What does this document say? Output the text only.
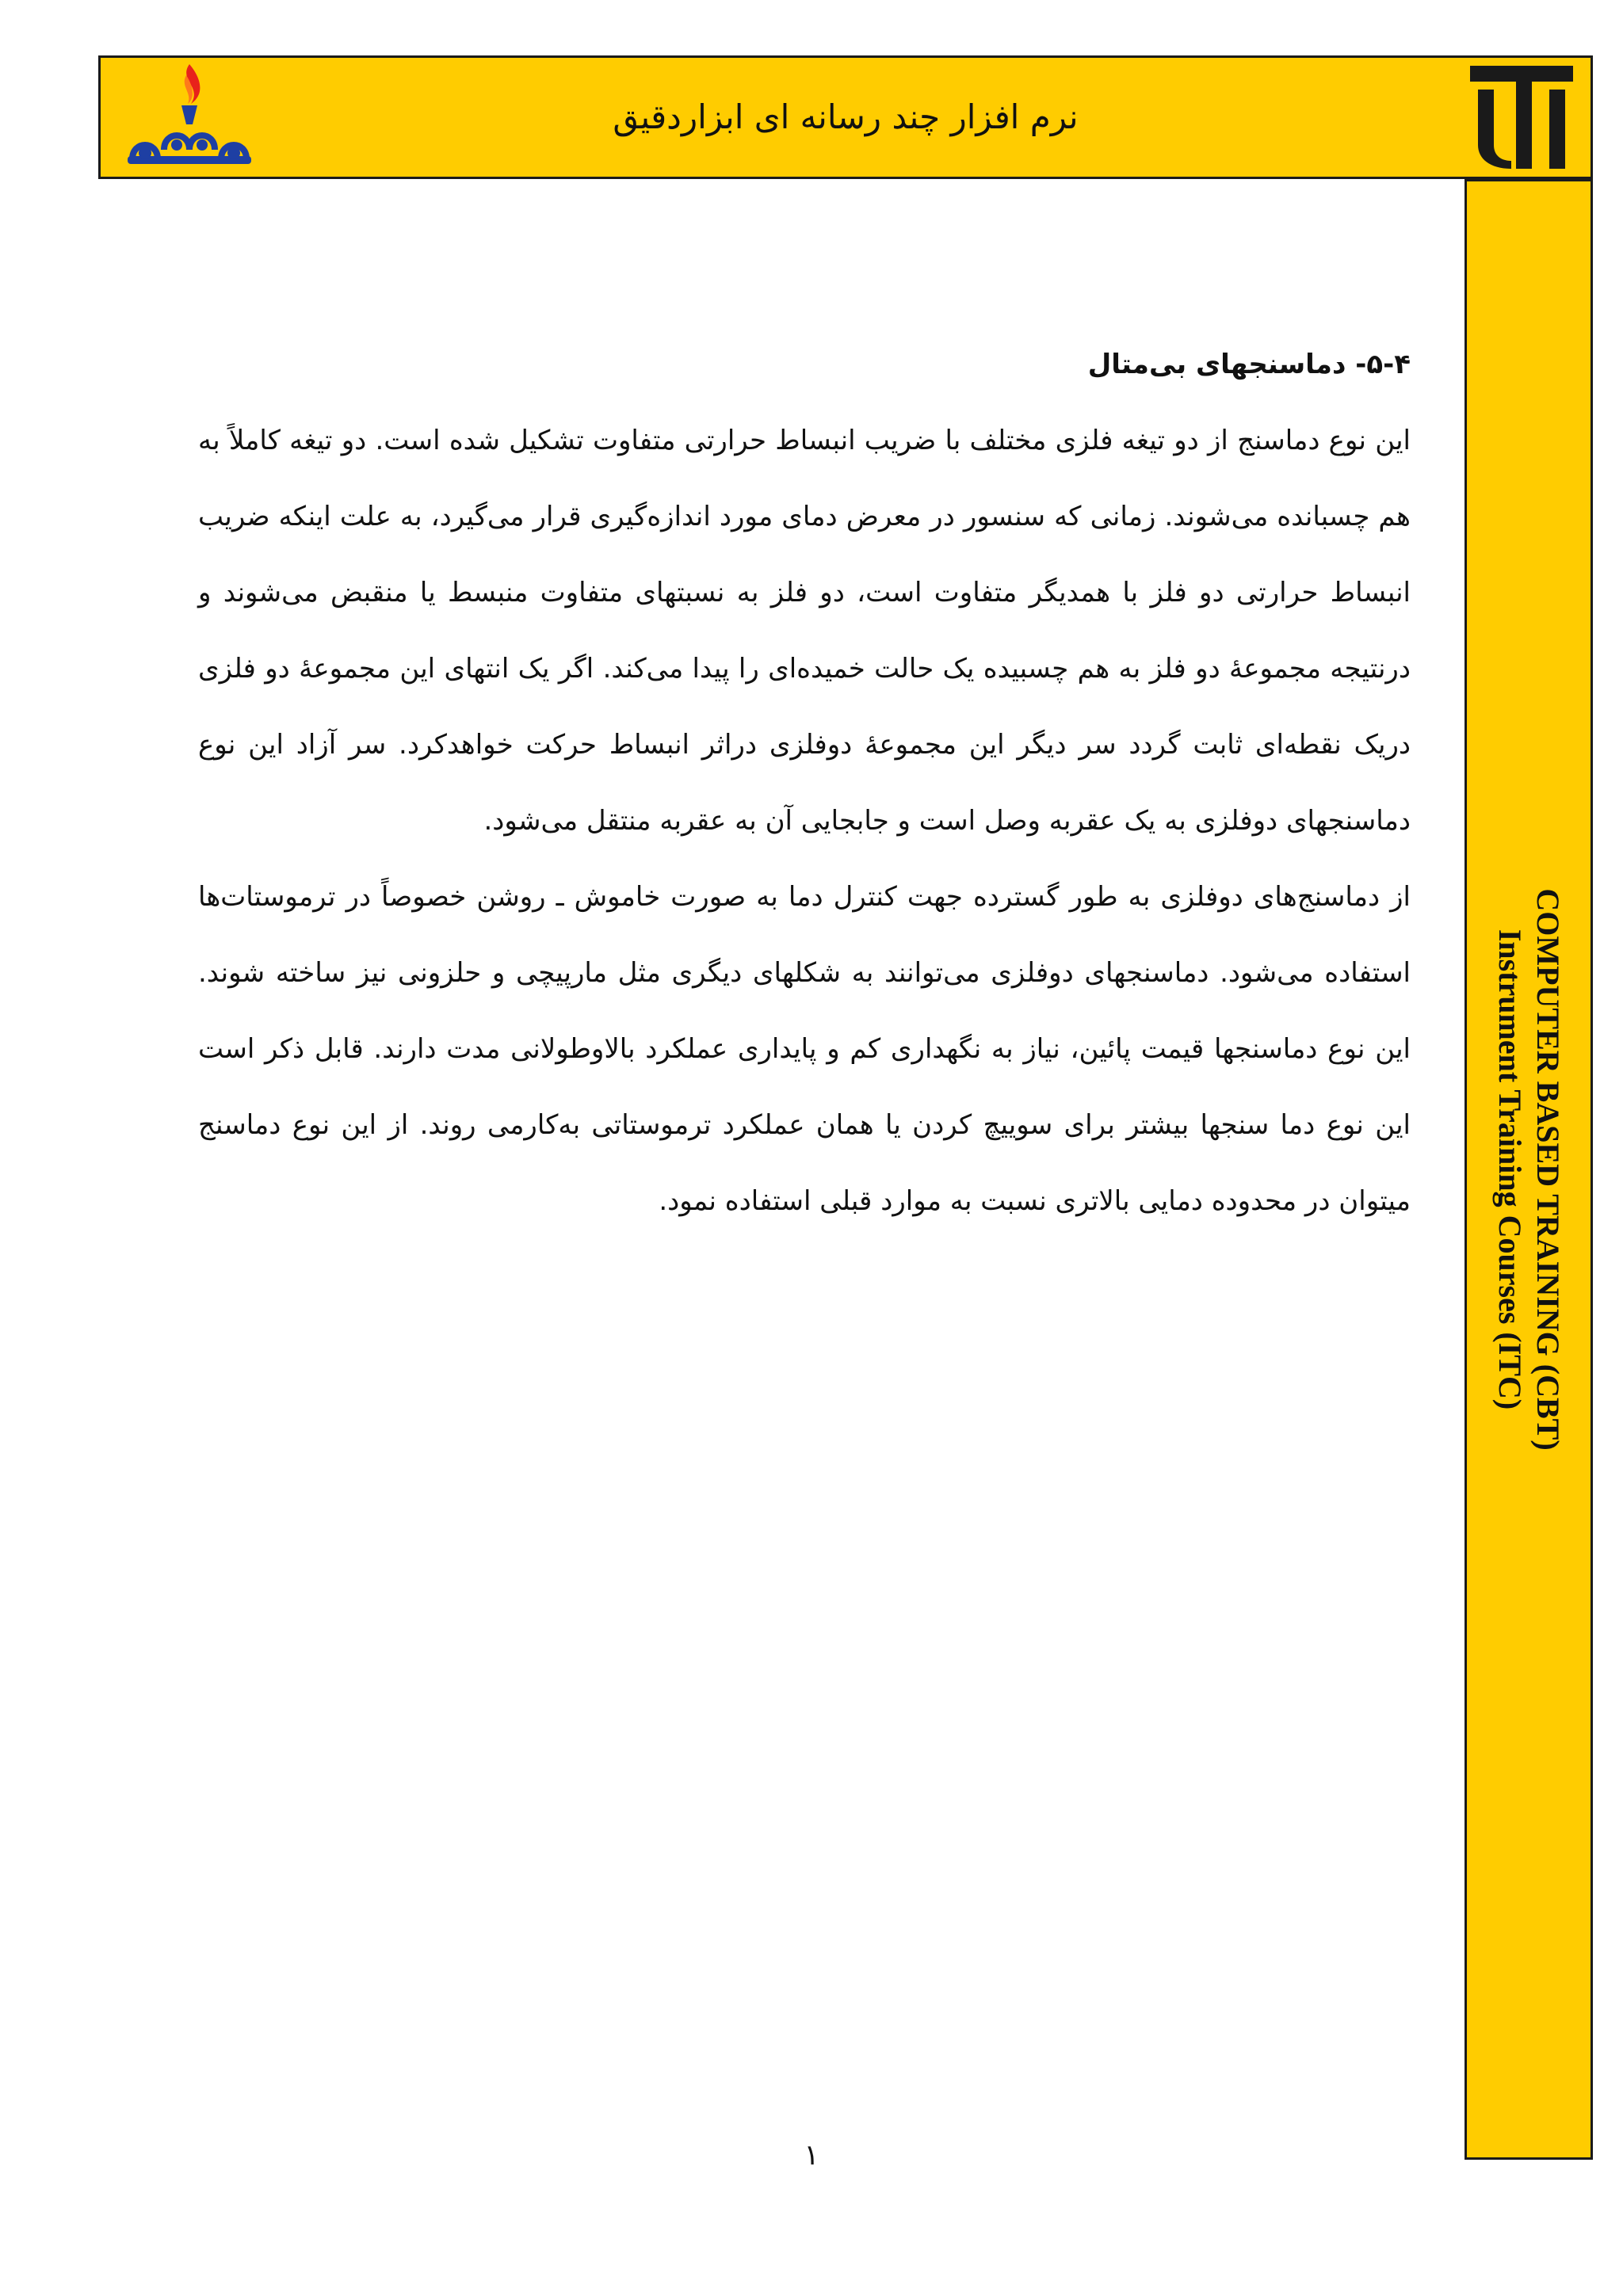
نرم افزار چند رسانه ای ابزاردقیق
COMPUTER BASED TRAINING (CBT)
Instrument Training Courses (ITC)

۵-۴- دماسنجهای بی‌متال

این نوع دماسنج از دو تیغه فلزی مختلف با ضریب انبساط حرارتی متفاوت تشکیل شده است. دو تیغه کاملاً به هم چسبانده می‌شوند. زمانی که سنسور در معرض دمای مورد اندازه‌گیری قرار می‌گیرد، به علت اینکه ضریب انبساط حرارتی دو فلز با همدیگر متفاوت است، دو فلز به نسبتهای متفاوت منبسط یا منقبض می‌شوند و درنتیجه مجموعهٔ دو فلز به هم چسبیده یک حالت خمیده‌ای را پیدا می‌کند. اگر یک انتهای این مجموعهٔ دو فلزی دریک نقطه‌ای ثابت گردد سر دیگر این مجموعهٔ دوفلزی دراثر انبساط حرکت خواهدکرد. سر آزاد این نوع دماسنجهای دوفلزی به یک عقربه وصل است و جابجایی آن به عقربه منتقل می‌شود.

از دماسنج‌های دوفلزی به طور گسترده جهت کنترل دما به صورت خاموش ـ روشن خصوصاً در ترموستات‌ها استفاده می‌شود. دماسنجهای دوفلزی می‌توانند به شکلهای دیگری مثل مارپیچی و حلزونی نیز ساخته شوند. این نوع دماسنجها قیمت پائین، نیاز به نگهداری کم و پایداری عملکرد بالاوطولانی مدت دارند. قابل ذکر است این نوع دما سنجها بیشتر برای سوییچ کردن یا همان عملکرد ترموستاتی به‌کارمی روند. از این نوع دماسنج میتوان در محدوده دمایی بالاتری نسبت به موارد قبلی استفاده نمود.

۱
